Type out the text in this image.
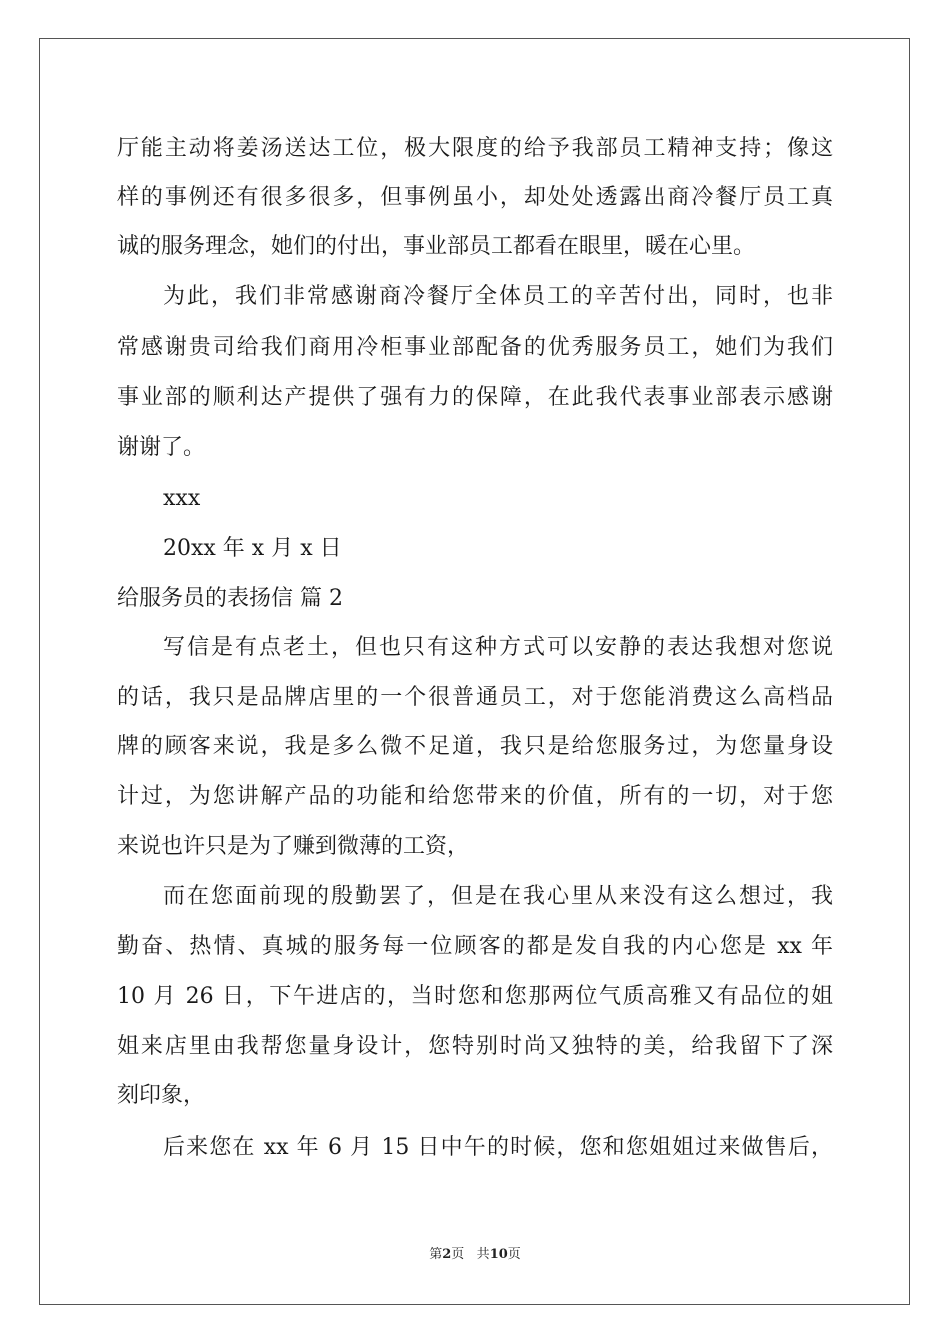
厅能主动将姜汤送达工位，极大限度的给予我部员工精神支持；像这
样的事例还有很多很多，但事例虽小，却处处透露出商冷餐厅员工真
诚的服务理念，她们的付出，事业部员工都看在眼里，暖在心里。
为此，我们非常感谢商冷餐厅全体员工的辛苦付出，同时，也非
常感谢贵司给我们商用冷柜事业部配备的优秀服务员工，她们为我们
事业部的顺利达产提供了强有力的保障，在此我代表事业部表示感谢
谢谢了。
xxx
20xx 年 x 月 x 日
给服务员的表扬信 篇 2
写信是有点老土，但也只有这种方式可以安静的表达我想对您说
的话，我只是品牌店里的一个很普通员工，对于您能消费这么高档品
牌的顾客来说，我是多么微不足道，我只是给您服务过，为您量身设
计过，为您讲解产品的功能和给您带来的价值，所有的一切，对于您
来说也许只是为了赚到微薄的工资，
而在您面前现的殷勤罢了，但是在我心里从来没有这么想过，我
勤奋、热情、真城的服务每一位顾客的都是发自我的内心您是 xx 年
10 月 26 日，下午进店的，当时您和您那两位气质高雅又有品位的姐
姐来店里由我帮您量身设计，您特别时尚又独特的美，给我留下了深
刻印象，
后来您在 xx 年 6 月 15 日中午的时候，您和您姐姐过来做售后，
第2页 共10页
